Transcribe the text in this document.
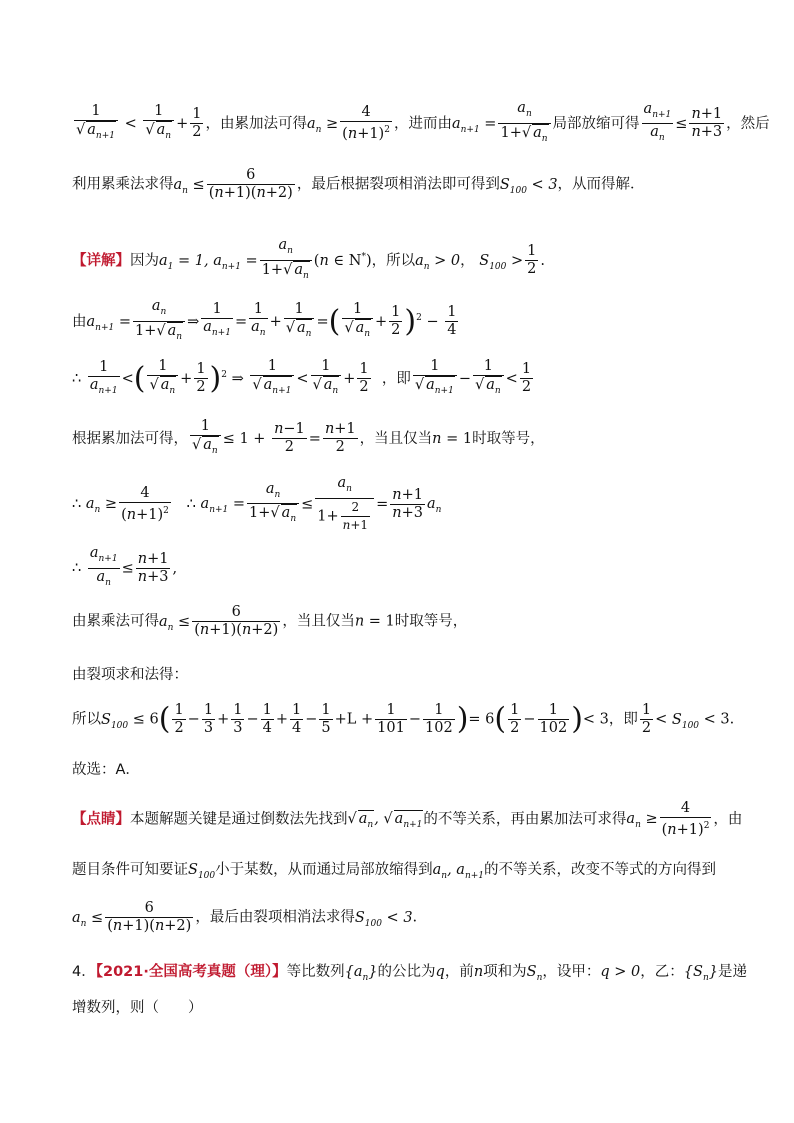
$\frac{1}{√ a_{n+1}} < \frac{1}{√ a_n} + \frac{1}{2}$ ，由累加法可得$a_n \ge \frac{4}{(n+1)^2}$ ，进而由$a_{n+1} = \frac{a_n}{1+√ a_n}$ 局部放缩可得 $\frac{a_{n+1}}{a_n} \le \frac{n+1}{n+3}$ ，然后
利用累乘法求得$a_n \le \frac{6}{(n+1)(n+2)}$ ，最后根据裂项相消法即可得到$S_{100} < 3$，从而得解．
【详解】因为$a_1 = 1$, $a_{n+1} = \frac{a_n}{1+√ a_n} (n$ ∈ N*)，所以$a_n > 0$， $S_{100} > \frac{1}{2}$ .
由$a_{n+1} = \frac{a_n}{1+√ a_n}$ ⇒ $\frac{1}{a_{n+1}} = \frac{1}{a_n} + \frac{1}{√ a_n}$ =( $\frac{1}{√ a_n} + \frac{1}{2} )^2 - \frac{1}{4}$
∴ $\frac{1}{a_{n+1}}$ <( $\frac{1}{√ a_n} + \frac{1}{2} )^2$ ⇒ $\frac{1}{√ a_{n+1}} < \frac{1}{√ a_n} + \frac{1}{2}$ ，即 $\frac{1}{√ a_{n+1}} - \frac{1}{√ a_n} < \frac{1}{2}$
根据累加法可得， $\frac{1}{√ a_n} \le 1 + \frac{n-1}{2} = \frac{n+1}{2}$ ，当且仅当n = 1时取等号，
∴ $a_n \ge \frac{4}{(n+1)^2}$ ∴ $a_{n+1} = \frac{a_n}{1+√ a_n} \le \frac{a_n}{1+ \frac{2}{n+1}} = \frac{n+1}{n+3} a_n$
∴ $\frac{a_{n+1}}{a_n} \le \frac{n+1}{n+3}$ ,
由累乘法可得$a_n \le \frac{6}{(n+1)(n+2)}$ ，当且仅当n = 1时取等号，
由裂项求和法得：
所以$S_{100} \le 6( \frac{1}{2} - \frac{1}{3} + \frac{1}{3} - \frac{1}{4} + \frac{1}{4} - \frac{1}{5} +L + \frac{1}{101} - \frac{1}{102}$ )= $6( \frac{1}{2} - \frac{1}{102}$ )< 3，即 $\frac{1}{2} < S_{100} < 3$.
故选：A．
【点睛】本题解题关键是通过倒数法先找到√ $a_n$, √ $a_{n+1}$的不等关系，再由累加法可求得$a_n \ge \frac{4}{(n+1)^2}$ ，由
题目条件可知要证$S_{100}$小于某数，从而通过局部放缩得到$a_n$, $a_{n+1}$的不等关系，改变不等式的方向得到
$a_n \le \frac{6}{(n+1)(n+2)}$ ，最后由裂项相消法求得$S_{100} < 3$.
4．【2021·全国高考真题（理）】等比数列$\{a_n\}$的公比为q，前n项和为$S_n$，设甲：q > 0，乙：$\{S_n\}$是递
增数列，则（　　）
